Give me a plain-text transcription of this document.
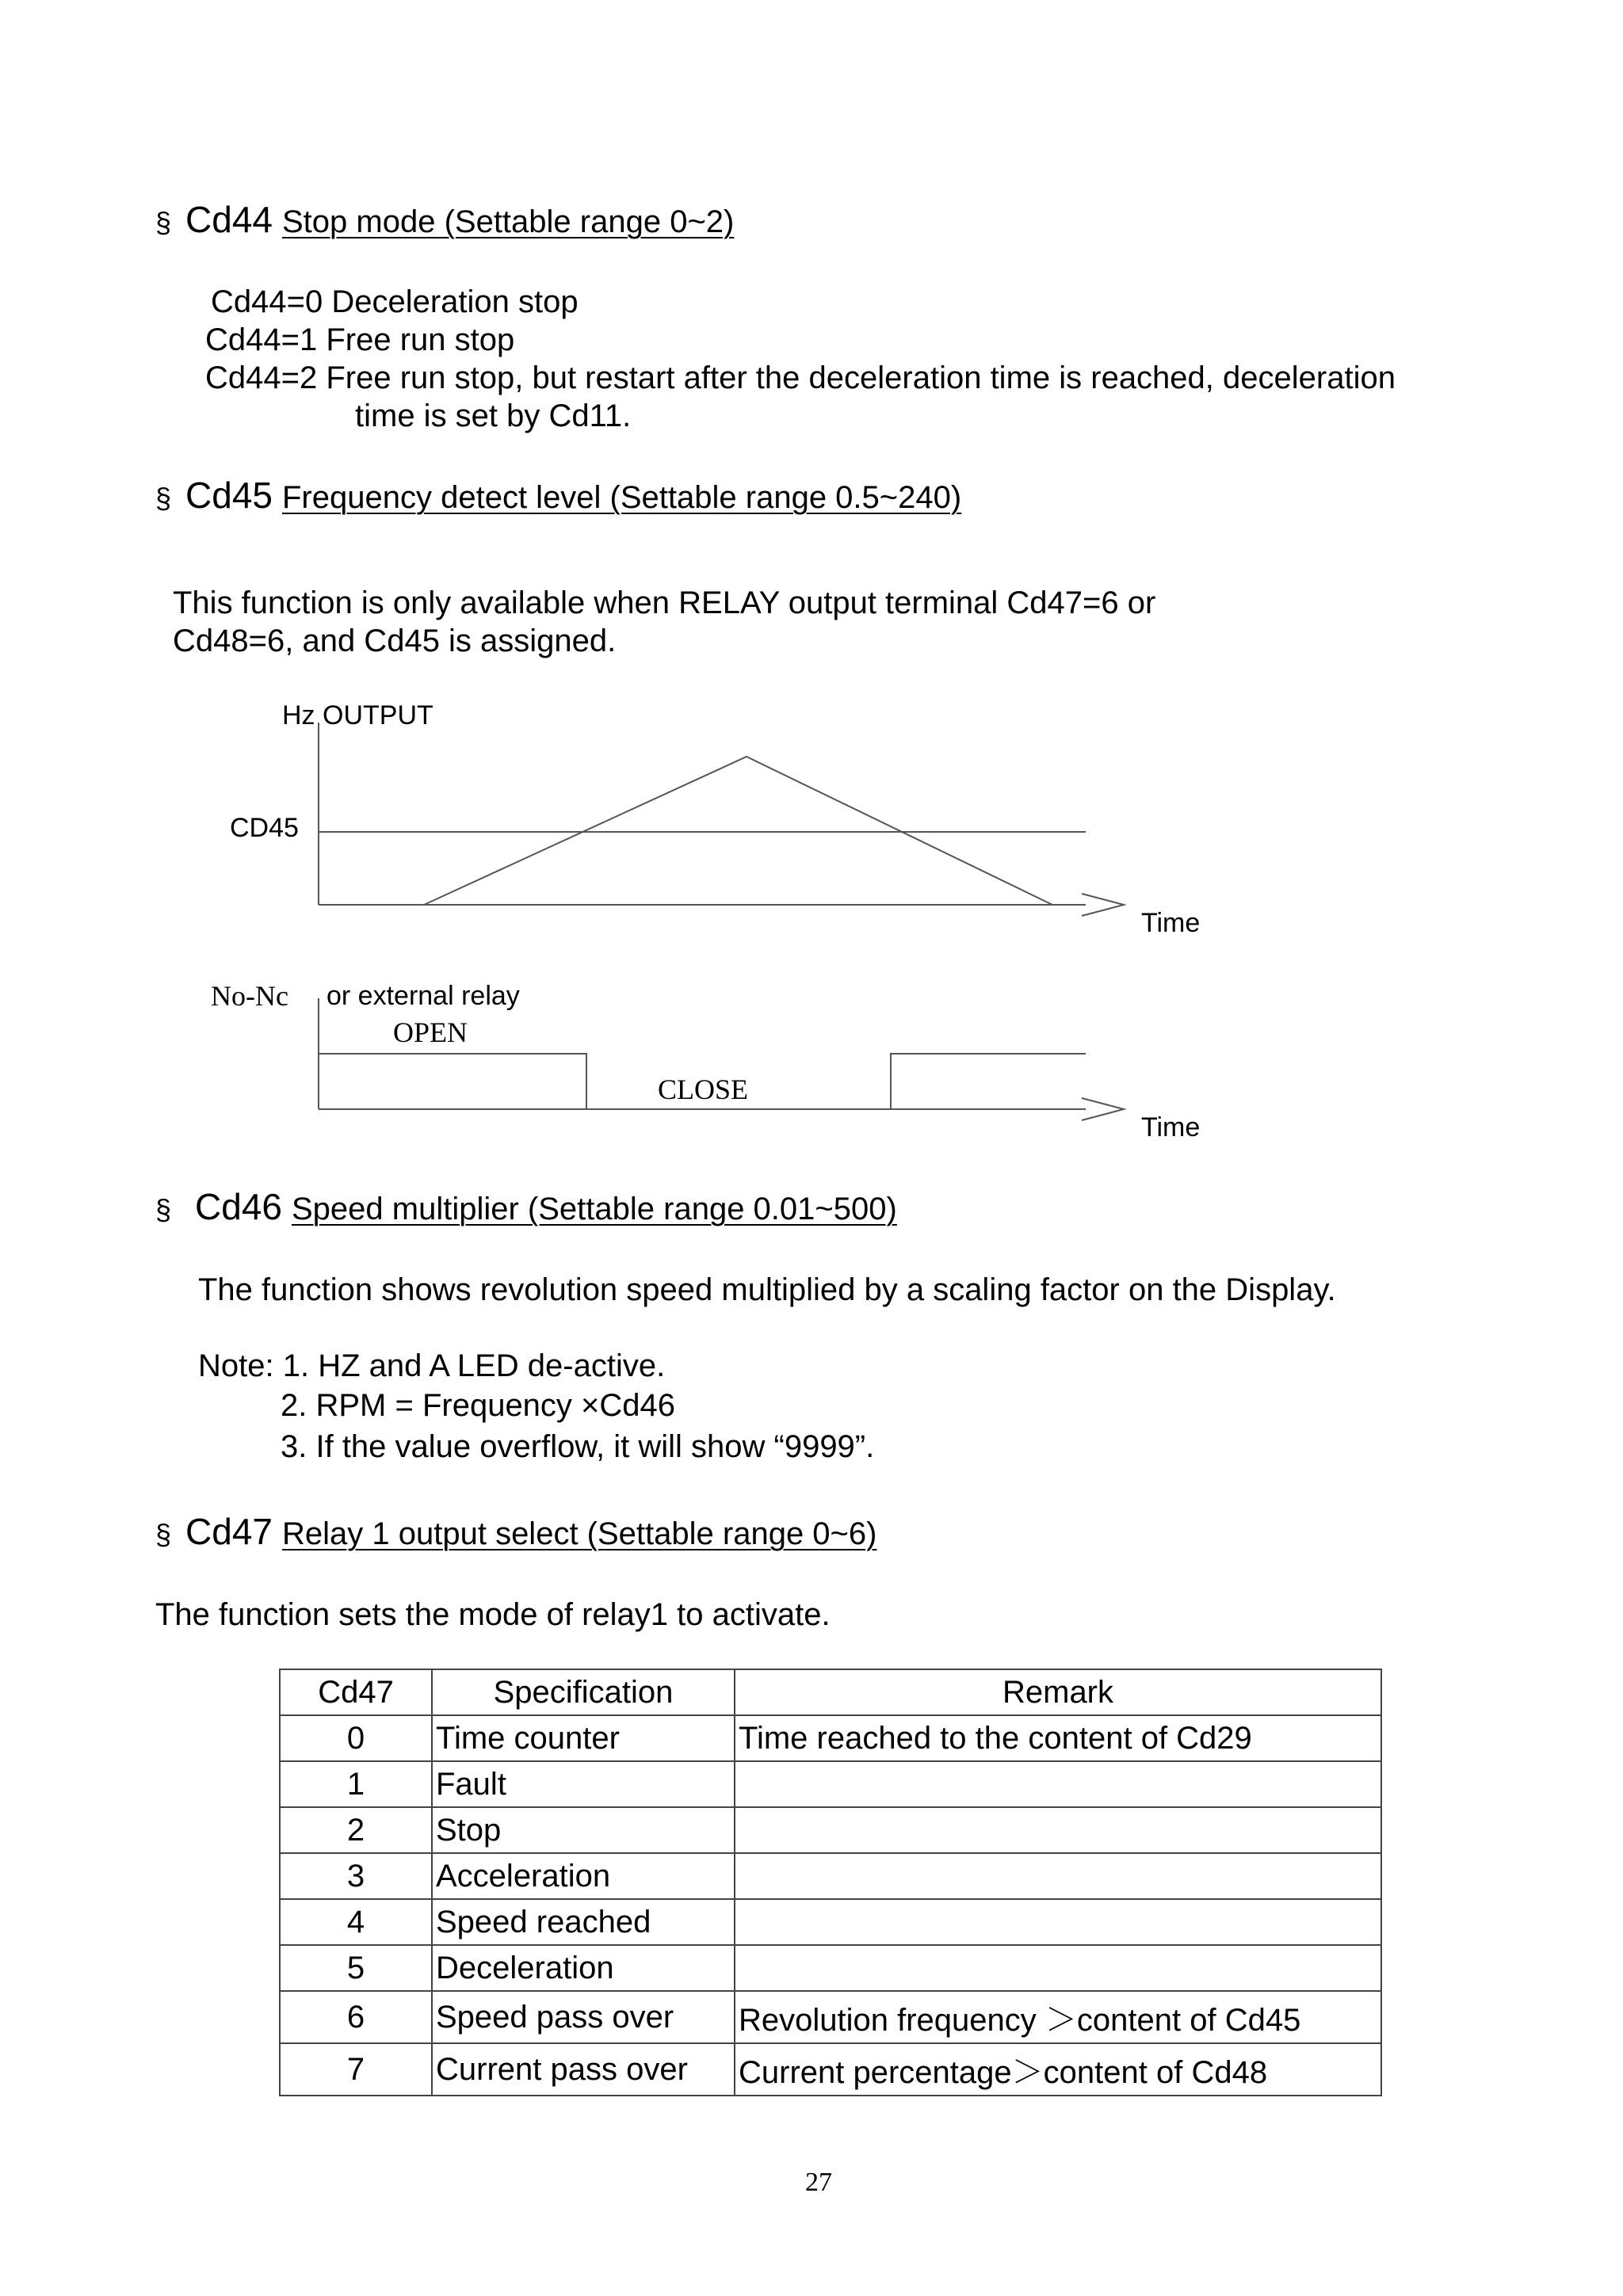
§ Cd44 Stop mode (Settable range 0~2)
Cd44=0 Deceleration stop
Cd44=1 Free run stop
Cd44=2 Free run stop, but restart after the deceleration time is reached, deceleration
time is set by Cd11.
§ Cd45 Frequency detect level (Settable range 0.5~240)
This function is only available when RELAY output terminal Cd47=6 or
Cd48=6, and Cd45 is assigned.
Hz OUTPUT
CD45
Time
No-Nc or external relay
OPEN
CLOSE
Time
§ Cd46 Speed multiplier (Settable range 0.01~500)
The function shows revolution speed multiplied by a scaling factor on the Display.
Note: 1. HZ and A LED de-active.
2. RPM = Frequency ×Cd46
3. If the value overflow, it will show “9999”.
§ Cd47 Relay 1 output select (Settable range 0~6)
The function sets the mode of relay1 to activate.
Cd47	Specification	Remark
0	Time counter	Time reached to the content of Cd29
1	Fault	
2	Stop	
3	Acceleration	
4	Speed reached	
5	Deceleration	
6	Speed pass over	Revolution frequency ＞content of Cd45
7	Current pass over	Current percentage＞content of Cd48
27
